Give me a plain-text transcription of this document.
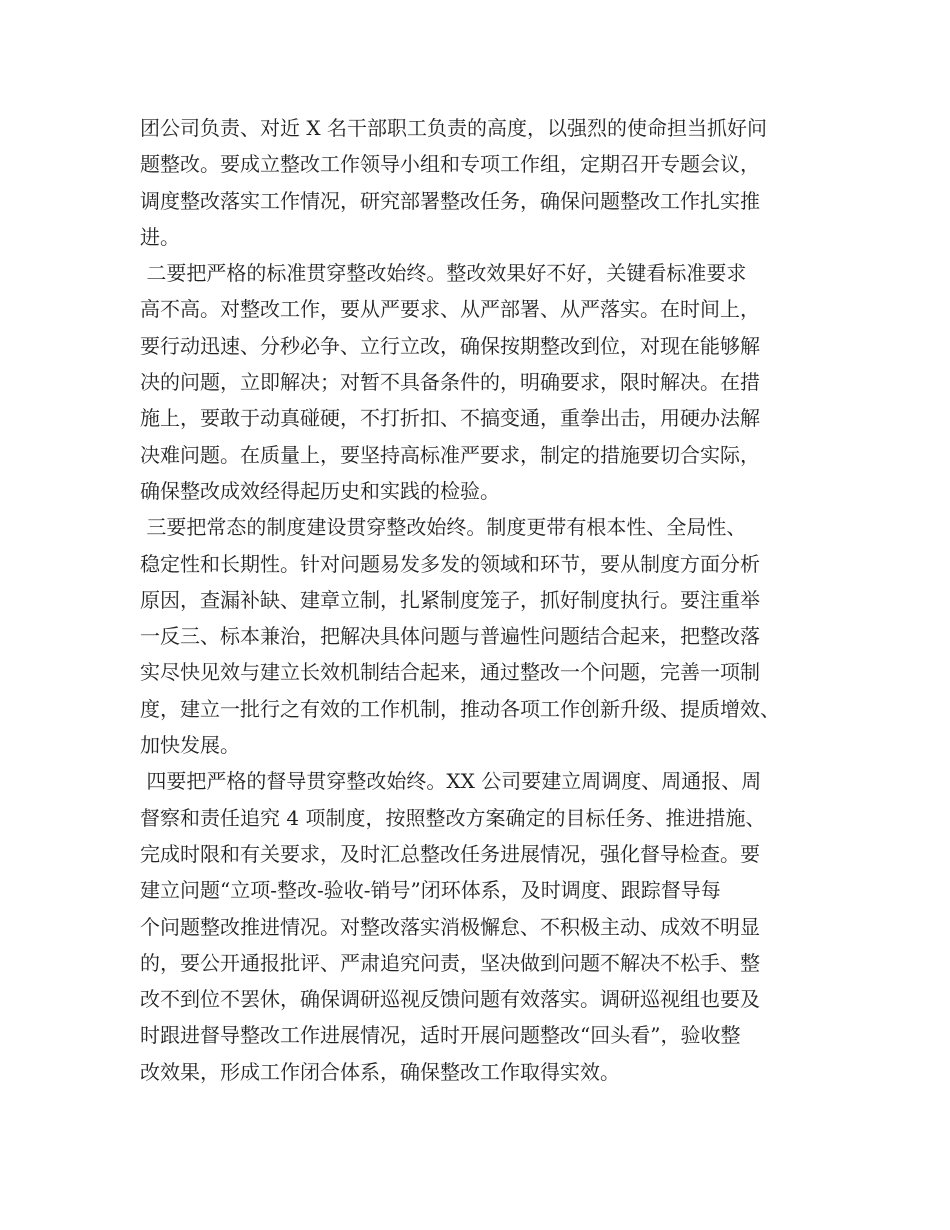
团公司负责、对近 X 名干部职工负责的高度，以强烈的使命担当抓好问
题整改。要成立整改工作领导小组和专项工作组，定期召开专题会议，
调度整改落实工作情况，研究部署整改任务，确保问题整改工作扎实推
进。
二要把严格的标准贯穿整改始终。整改效果好不好，关键看标准要求
高不高。对整改工作，要从严要求、从严部署、从严落实。在时间上，
要行动迅速、分秒必争、立行立改，确保按期整改到位，对现在能够解
决的问题，立即解决；对暂不具备条件的，明确要求，限时解决。在措
施上，要敢于动真碰硬，不打折扣、不搞变通，重拳出击，用硬办法解
决难问题。在质量上，要坚持高标准严要求，制定的措施要切合实际，
确保整改成效经得起历史和实践的检验。
三要把常态的制度建设贯穿整改始终。制度更带有根本性、全局性、
稳定性和长期性。针对问题易发多发的领域和环节，要从制度方面分析
原因，查漏补缺、建章立制，扎紧制度笼子，抓好制度执行。要注重举
一反三、标本兼治，把解决具体问题与普遍性问题结合起来，把整改落
实尽快见效与建立长效机制结合起来，通过整改一个问题，完善一项制
度，建立一批行之有效的工作机制，推动各项工作创新升级、提质增效、
加快发展。
四要把严格的督导贯穿整改始终。XX 公司要建立周调度、周通报、周
督察和责任追究 4 项制度，按照整改方案确定的目标任务、推进措施、
完成时限和有关要求，及时汇总整改任务进展情况，强化督导检查。要
建立问题“立项-整改-验收-销号”闭环体系，及时调度、跟踪督导每
个问题整改推进情况。对整改落实消极懈怠、不积极主动、成效不明显
的，要公开通报批评、严肃追究问责，坚决做到问题不解决不松手、整
改不到位不罢休，确保调研巡视反馈问题有效落实。调研巡视组也要及
时跟进督导整改工作进展情况，适时开展问题整改“回头看”，验收整
改效果，形成工作闭合体系，确保整改工作取得实效。
